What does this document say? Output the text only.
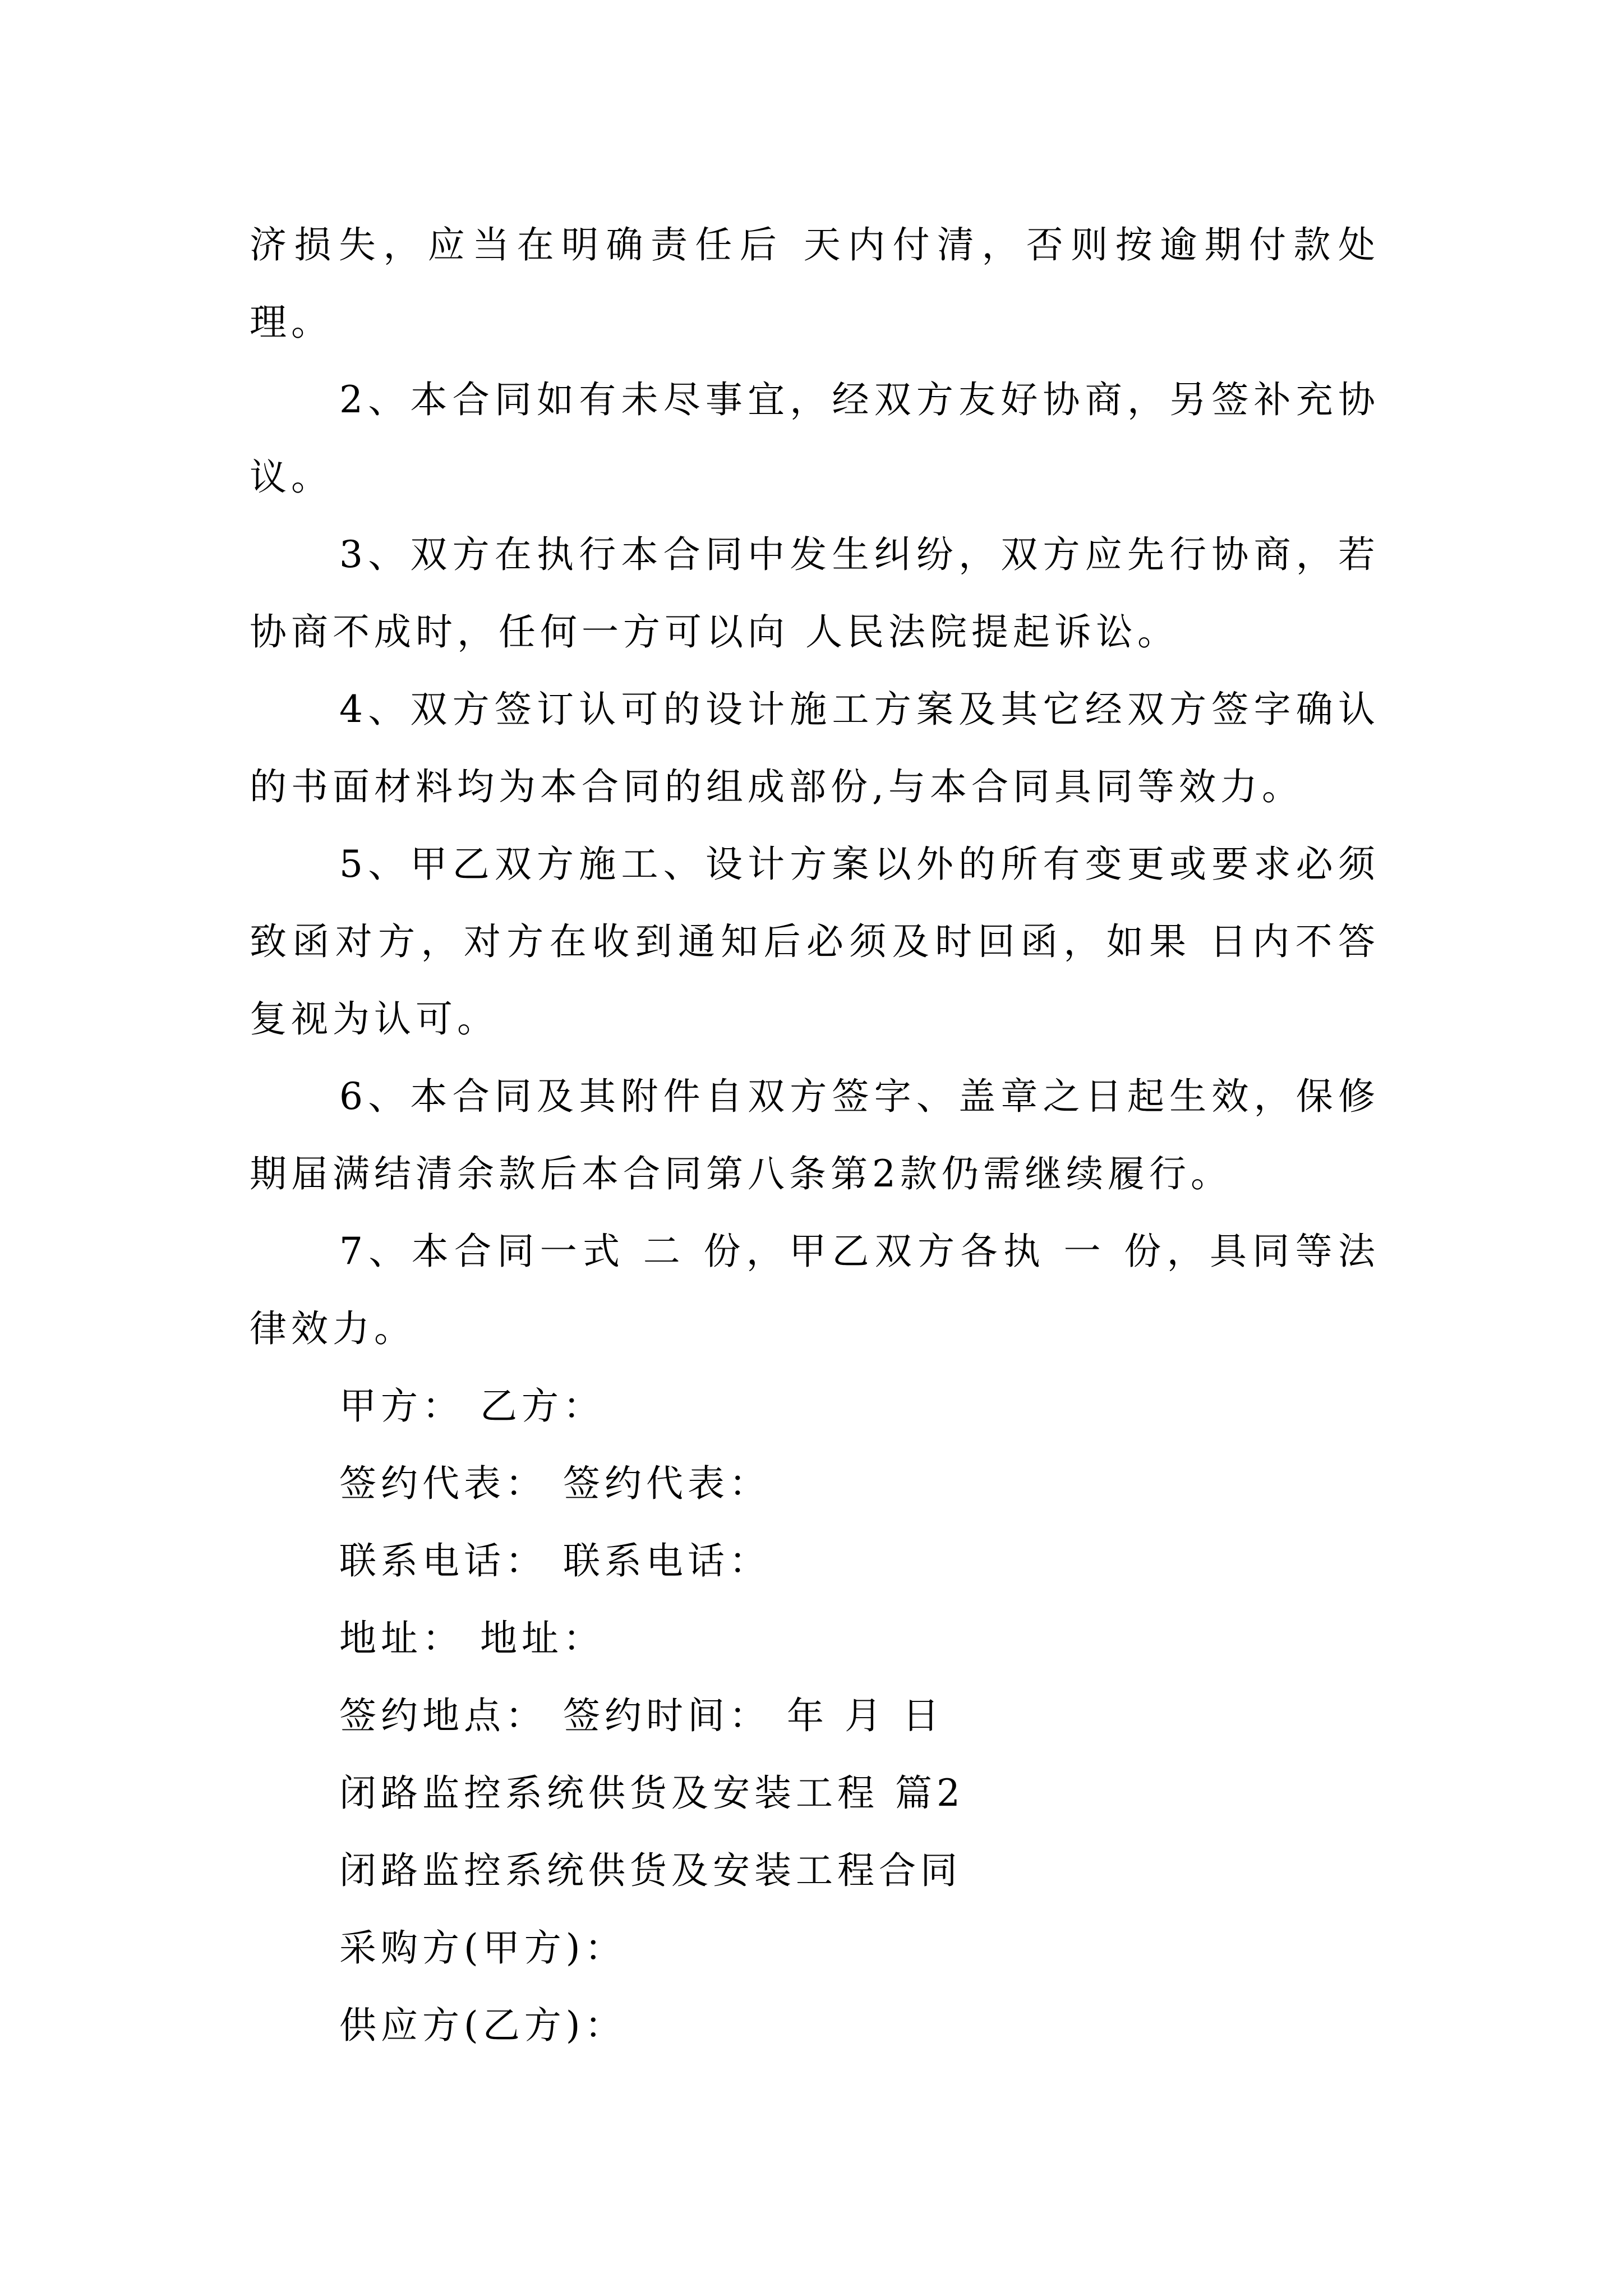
济损失，应当在明确责任后 天内付清，否则按逾期付款处理。

2、本合同如有未尽事宜，经双方友好协商，另签补充协议。

3、双方在执行本合同中发生纠纷，双方应先行协商，若协商不成时，任何一方可以向 人民法院提起诉讼。

4、双方签订认可的设计施工方案及其它经双方签字确认的书面材料均为本合同的组成部份,与本合同具同等效力。

5、甲乙双方施工、设计方案以外的所有变更或要求必须致函对方，对方在收到通知后必须及时回函，如果 日内不答复视为认可。

6、本合同及其附件自双方签字、盖章之日起生效，保修期届满结清余款后本合同第八条第2款仍需继续履行。

7、本合同一式 二 份，甲乙双方各执 一 份，具同等法律效力。

甲方： 乙方：

签约代表： 签约代表：

联系电话： 联系电话：

地址： 地址：

签约地点： 签约时间： 年 月 日

闭路监控系统供货及安装工程 篇2

闭路监控系统供货及安装工程合同

采购方(甲方)：

供应方(乙方)：
